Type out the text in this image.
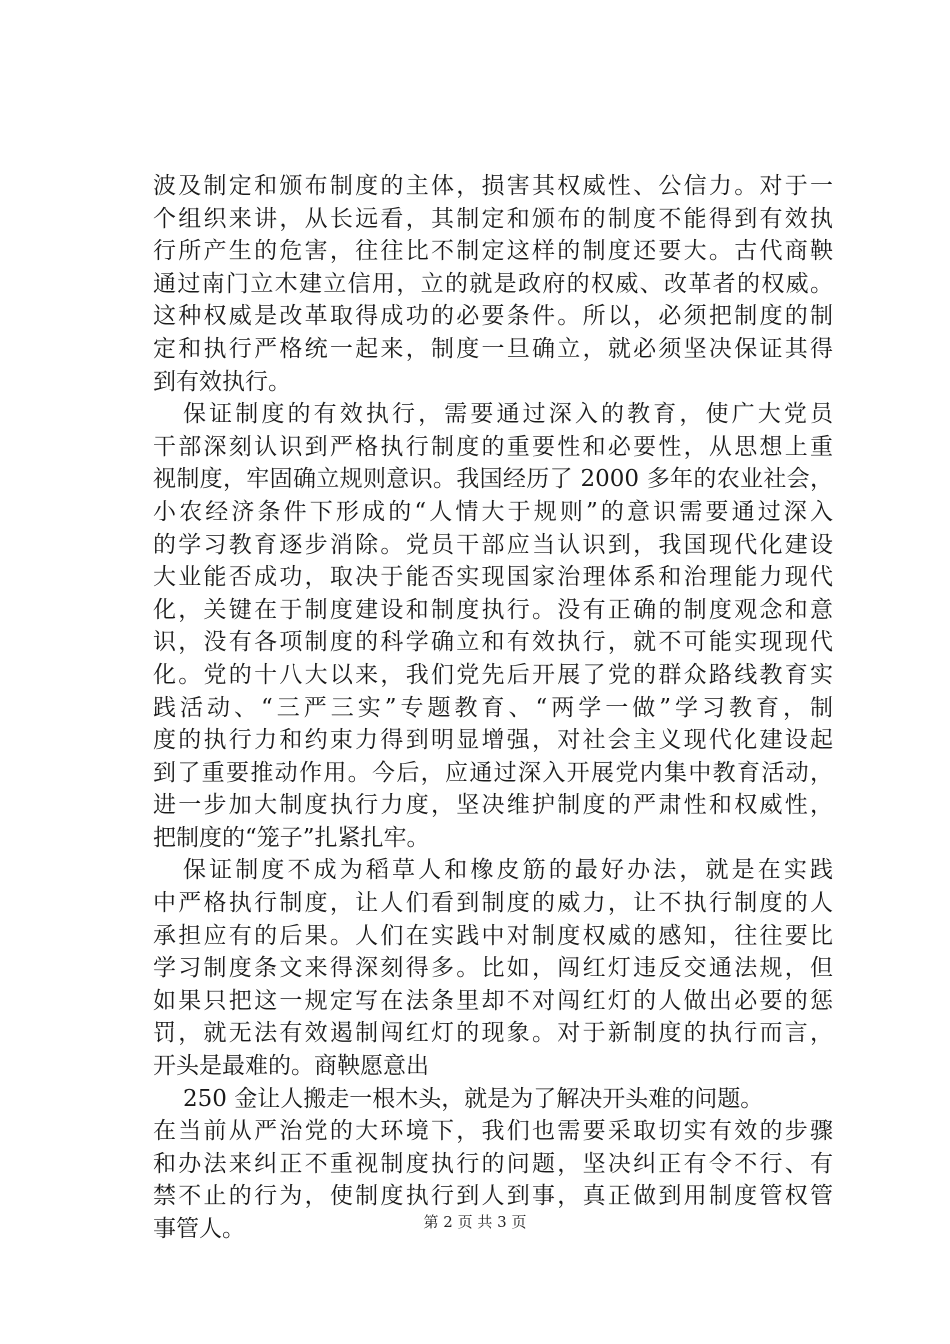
波及制定和颁布制度的主体，损害其权威性、公信力。对于一
个组织来讲，从长远看，其制定和颁布的制度不能得到有效执
行所产生的危害，往往比不制定这样的制度还要大。古代商鞅
通过南门立木建立信用，立的就是政府的权威、改革者的权威。
这种权威是改革取得成功的必要条件。所以，必须把制度的制
定和执行严格统一起来，制度一旦确立，就必须坚决保证其得
到有效执行。
保证制度的有效执行，需要通过深入的教育，使广大党员
干部深刻认识到严格执行制度的重要性和必要性，从思想上重
视制度，牢固确立规则意识。我国经历了 2000 多年的农业社会，
小农经济条件下形成的“人情大于规则”的意识需要通过深入
的学习教育逐步消除。党员干部应当认识到，我国现代化建设
大业能否成功，取决于能否实现国家治理体系和治理能力现代
化，关键在于制度建设和制度执行。没有正确的制度观念和意
识，没有各项制度的科学确立和有效执行，就不可能实现现代
化。党的十八大以来，我们党先后开展了党的群众路线教育实
践活动、“三严三实”专题教育、“两学一做”学习教育，制
度的执行力和约束力得到明显增强，对社会主义现代化建设起
到了重要推动作用。今后，应通过深入开展党内集中教育活动，
进一步加大制度执行力度，坚决维护制度的严肃性和权威性，
把制度的“笼子”扎紧扎牢。
保证制度不成为稻草人和橡皮筋的最好办法，就是在实践
中严格执行制度，让人们看到制度的威力，让不执行制度的人
承担应有的后果。人们在实践中对制度权威的感知，往往要比
学习制度条文来得深刻得多。比如，闯红灯违反交通法规，但
如果只把这一规定写在法条里却不对闯红灯的人做出必要的惩
罚，就无法有效遏制闯红灯的现象。对于新制度的执行而言，
开头是最难的。商鞅愿意出
250 金让人搬走一根木头，就是为了解决开头难的问题。
在当前从严治党的大环境下，我们也需要采取切实有效的步骤
和办法来纠正不重视制度执行的问题，坚决纠正有令不行、有
禁不止的行为，使制度执行到人到事，真正做到用制度管权管
事管人。	第 2 页 共 3 页
